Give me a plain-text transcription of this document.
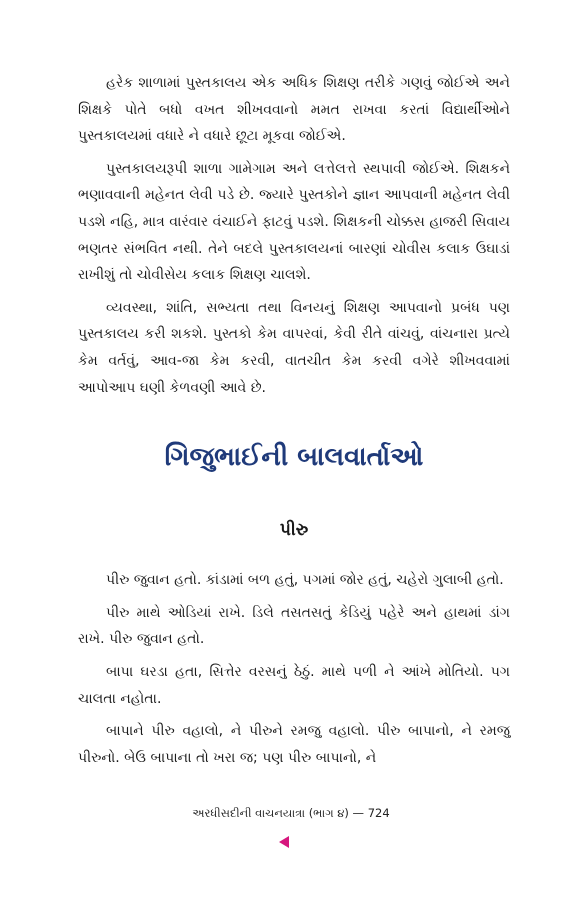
હરેક શાળામાં પુસ્તકાલય એક અધિક શિક્ષણ તરીકે ગણવું જોઈએ અને શિક્ષકે પોતે બધો વખત શીખવવાનો મમત રાખવા કરતાં વિદ્યાર્થીઓને પુસ્તકાલયમાં વધારે ને વધારે છૂટા મૂકવા જોઈએ.

પુસ્તકાલયરૂપી શાળા ગામેગામ અને લત્તેલત્તે સ્થપાવી જોઈએ. શિક્ષકને ભણાવવાની મહેનત લેવી પડે છે. જ્યારે પુસ્તકોને જ્ઞાન આપવાની મહેનત લેવી પડશે નહિ, માત્ર વારંવાર વંચાઈને ફાટવું પડશે. શિક્ષકની ચોક્કસ હાજરી સિવાય ભણતર સંભવિત નથી. તેને બદલે પુસ્તકાલયનાં બારણાં ચોવીસ કલાક ઉઘાડાં રાખીશું તો ચોવીસેય કલાક શિક્ષણ ચાલશે.

વ્યવસ્થા, શાંતિ, સભ્યતા તથા વિનયનું શિક્ષણ આપવાનો પ્રબંધ પણ પુસ્તકાલય કરી શકશે. પુસ્તકો કેમ વાપરવાં, કેવી રીતે વાંચવું, વાંચનારા પ્રત્યે કેમ વર્તવું, આવ-જા કેમ કરવી, વાતચીત કેમ કરવી વગેરે શીખવવામાં આપોઆપ ઘણી કેળવણી આવે છે.

ગિજુભાઈની બાલવાર્તાઓ
પીરુ

પીરુ જુવાન હતો. કાંડામાં બળ હતું, પગમાં જોર હતું, ચહેરો ગુલાબી હતો.

પીરુ માથે ઓડિયાં રાખે. ડિલે તસતસતું કેડિયું પહેરે અને હાથમાં ડાંગ રાખે. પીરુ જુવાન હતો.

બાપા ઘરડા હતા, સિત્તેર વરસનું ઠેઠું. માથે પળી ને આંખે મોતિયો. પગ ચાલતા નહોતા.

બાપાને પીરુ વહાલો, ને પીરુને રમજુ વહાલો. પીરુ બાપાનો, ને રમજુ પીરુનો. બેઉ બાપાના તો ખરા જ; પણ પીરુ બાપાનો, ને

અરધીસદીની વાચનયાત્રા (ભાગ ૪) — 724
